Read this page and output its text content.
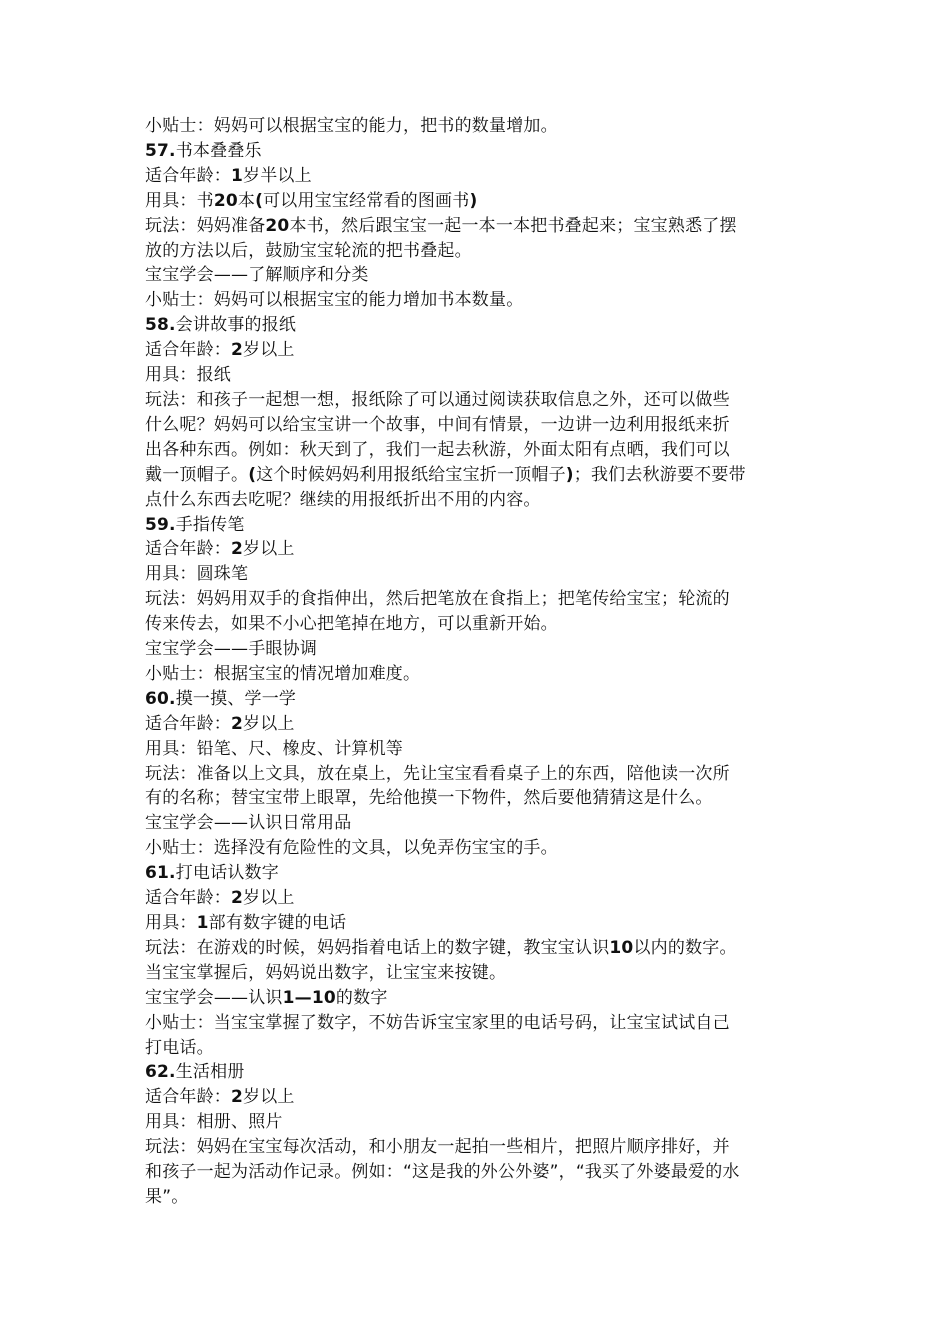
小贴士：妈妈可以根据宝宝的能力，把书的数量增加。
57.书本叠叠乐
适合年龄：1岁半以上
用具：书20本(可以用宝宝经常看的图画书)
玩法：妈妈准备20本书，然后跟宝宝一起一本一本把书叠起来；宝宝熟悉了摆
放的方法以后，鼓励宝宝轮流的把书叠起。
宝宝学会——了解顺序和分类
小贴士：妈妈可以根据宝宝的能力增加书本数量。
58.会讲故事的报纸
适合年龄：2岁以上
用具：报纸
玩法：和孩子一起想一想，报纸除了可以通过阅读获取信息之外，还可以做些
什么呢？妈妈可以给宝宝讲一个故事，中间有情景，一边讲一边利用报纸来折
出各种东西。例如：秋天到了，我们一起去秋游，外面太阳有点晒，我们可以
戴一顶帽子。(这个时候妈妈利用报纸给宝宝折一顶帽子)；我们去秋游要不要带
点什么东西去吃呢？继续的用报纸折出不用的内容。
59.手指传笔
适合年龄：2岁以上
用具：圆珠笔
玩法：妈妈用双手的食指伸出，然后把笔放在食指上；把笔传给宝宝；轮流的
传来传去，如果不小心把笔掉在地方，可以重新开始。
宝宝学会——手眼协调
小贴士：根据宝宝的情况增加难度。
60.摸一摸、学一学
适合年龄：2岁以上
用具：铅笔、尺、橡皮、计算机等
玩法：准备以上文具，放在桌上，先让宝宝看看桌子上的东西，陪他读一次所
有的名称；替宝宝带上眼罩，先给他摸一下物件，然后要他猜猜这是什么。
宝宝学会——认识日常用品
小贴士：选择没有危险性的文具，以免弄伤宝宝的手。
61.打电话认数字
适合年龄：2岁以上
用具：1部有数字键的电话
玩法：在游戏的时候，妈妈指着电话上的数字键，教宝宝认识10以内的数字。
当宝宝掌握后，妈妈说出数字，让宝宝来按键。
宝宝学会——认识1—10的数字
小贴士：当宝宝掌握了数字，不妨告诉宝宝家里的电话号码，让宝宝试试自己
打电话。
62.生活相册
适合年龄：2岁以上
用具：相册、照片
玩法：妈妈在宝宝每次活动，和小朋友一起拍一些相片，把照片顺序排好，并
和孩子一起为活动作记录。例如：“这是我的外公外婆”，“我买了外婆最爱的水
果”。
